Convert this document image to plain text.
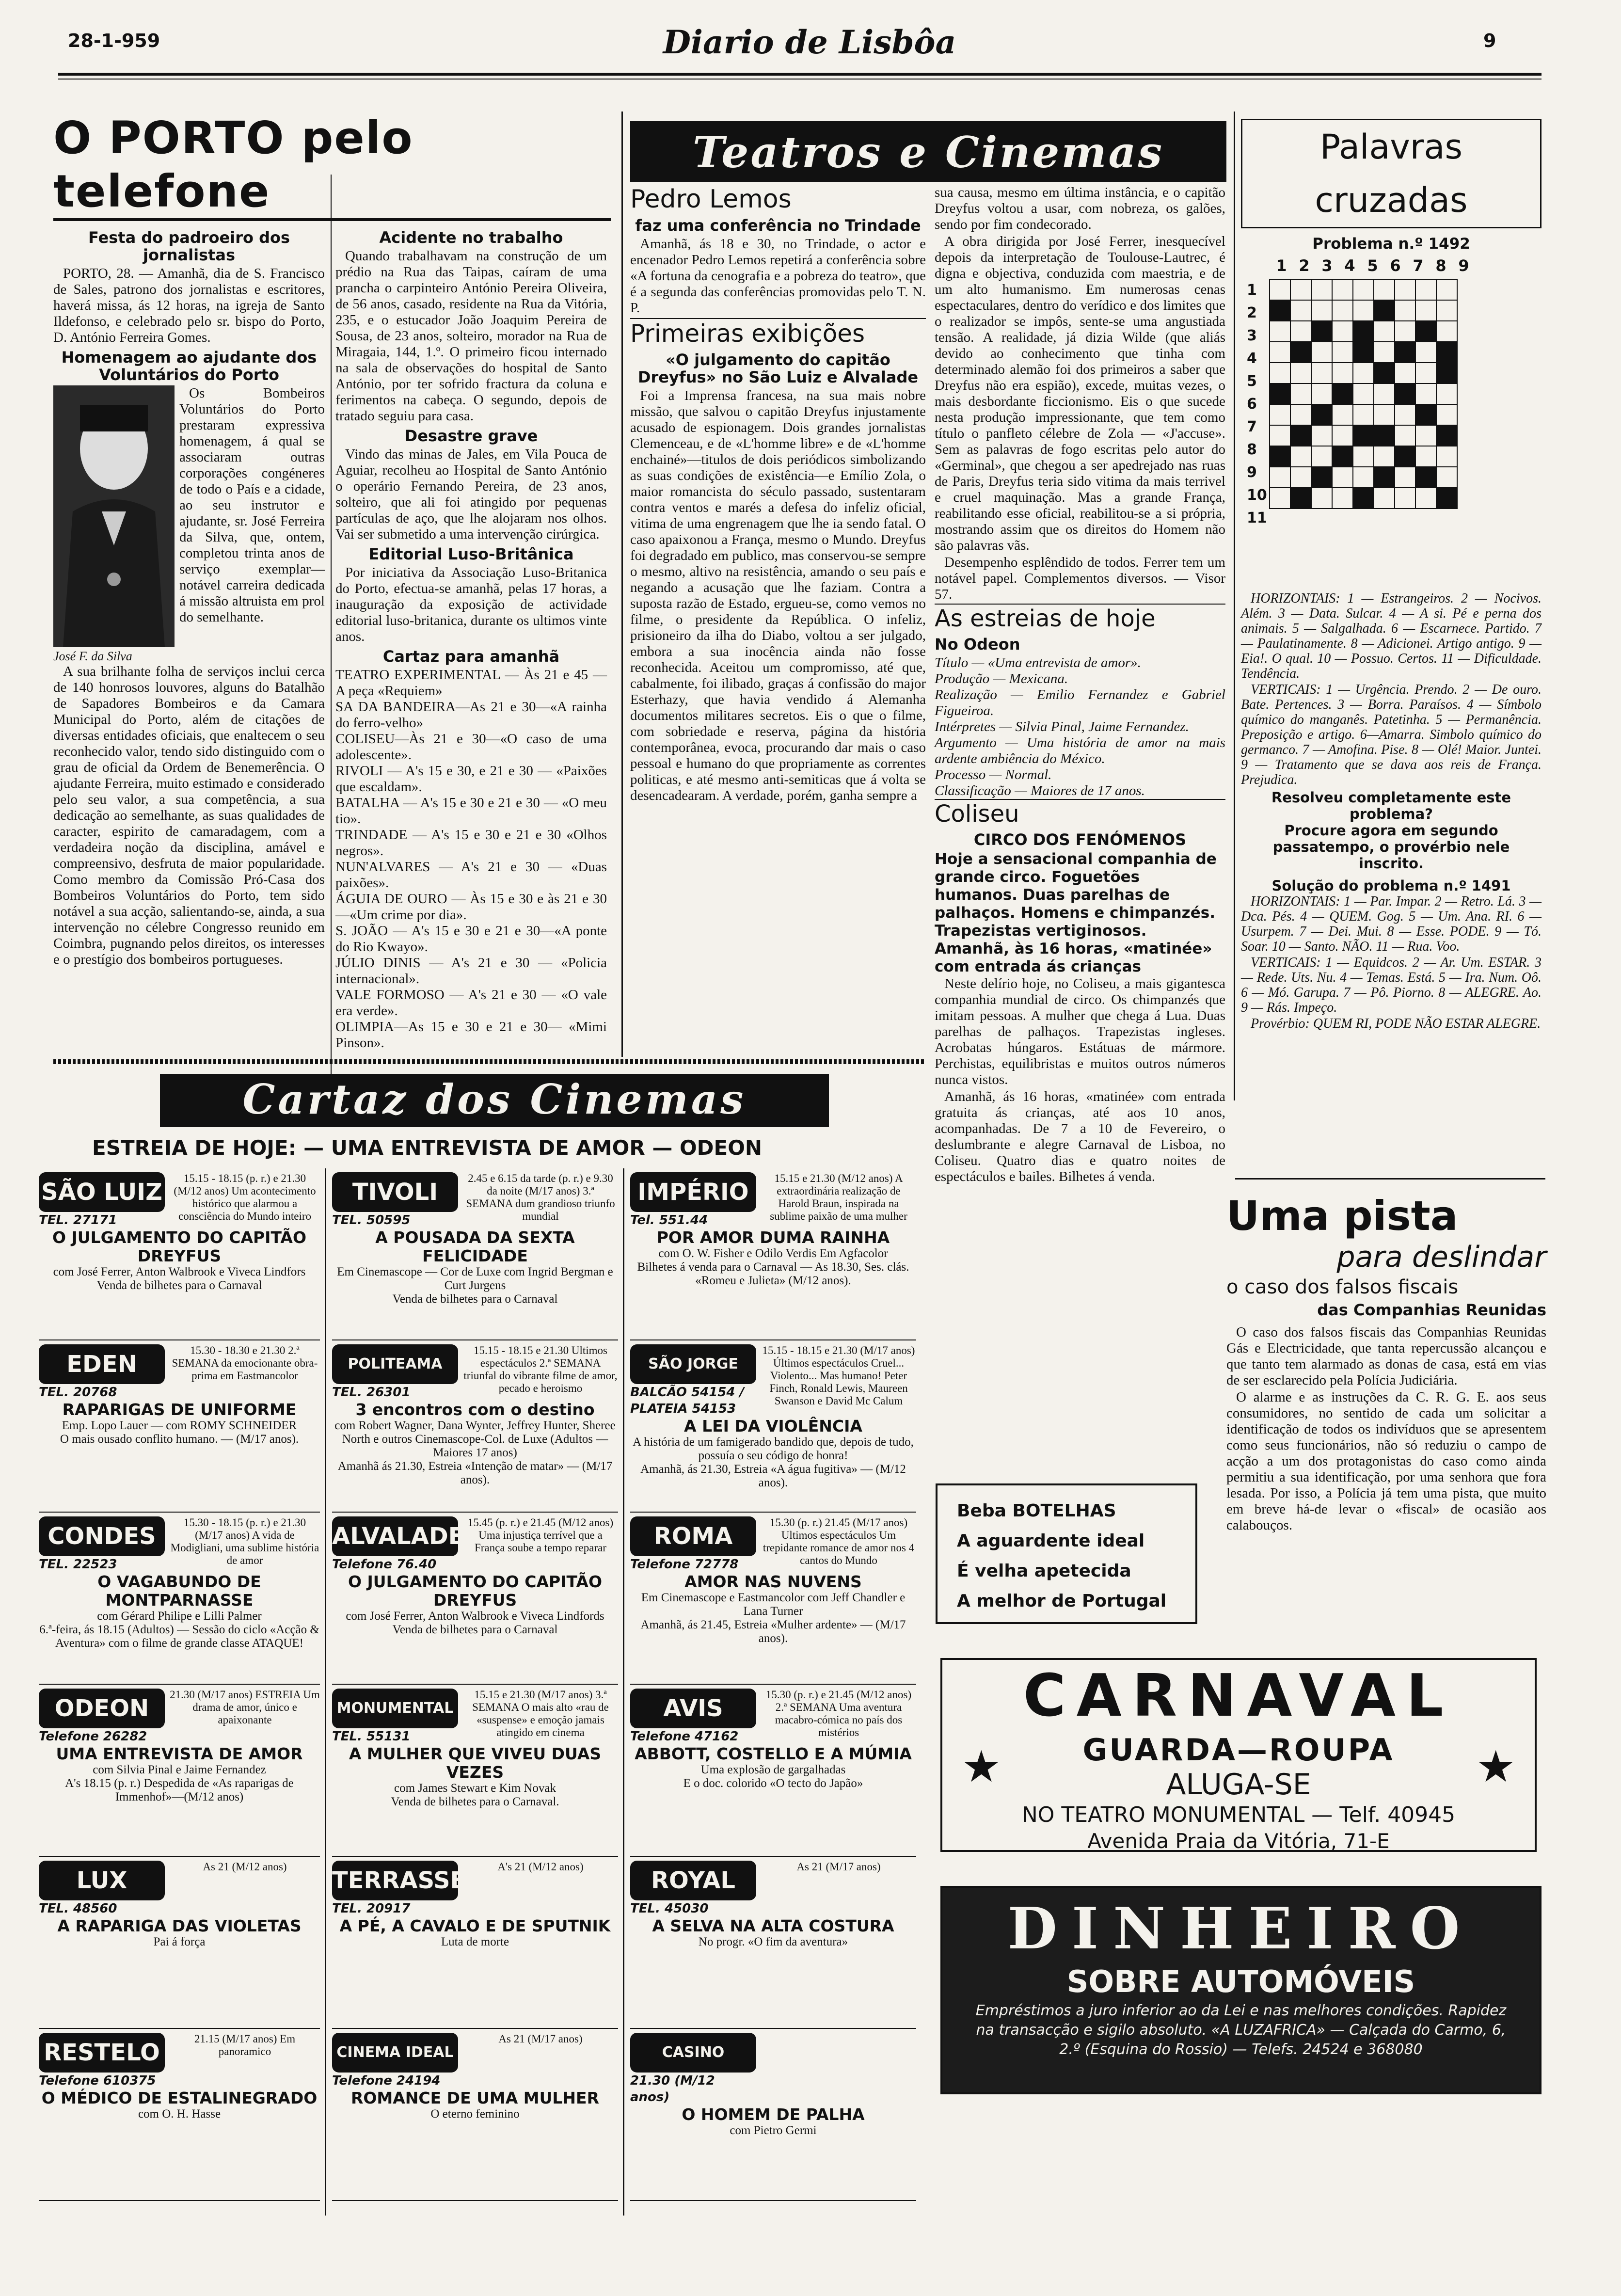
28-1-959	Diario de Lisbôa	9
O PORTO pelo telefone
Festa do padroeiro dos jornalistas

PORTO, 28. — Amanhã, dia de S. Francisco de Sales, patrono dos jornalistas e escritores, haverá missa, ás 12 horas, na igreja de Santo Ildefonso, e celebrado pelo sr. bispo do Porto, D. António Ferreira Gomes.

Homenagem ao ajudante dos Voluntários do Porto
José F. da Silva

Os Bombeiros Voluntários do Porto prestaram expressiva homenagem, á qual se associaram outras corporações congéneres de todo o País e a cidade, ao seu instrutor e ajudante, sr. José Ferreira da Silva, que, ontem, completou trinta anos de serviço exemplar—notável carreira dedicada á missão altruista em prol do semelhante.

A sua brilhante folha de serviços inclui cerca de 140 honrosos louvores, alguns do Batalhão de Sapadores Bombeiros e da Camara Municipal do Porto, além de citações de diversas entidades oficiais, que enaltecem o seu reconhecido valor, tendo sido distinguido com o grau de oficial da Ordem de Benemerência. O ajudante Ferreira, muito estimado e considerado pelo seu valor, a sua competência, a sua dedicação ao semelhante, as suas qualidades de caracter, espirito de camaradagem, com a verdadeira noção da disciplina, amável e compreensivo, desfruta de maior popularidade. Como membro da Comissão Pró-Casa dos Bombeiros Voluntários do Porto, tem sido notável a sua acção, salientando-se, ainda, a sua intervenção no célebre Congresso reunido em Coimbra, pugnando pelos direitos, os interesses e o prestígio dos bombeiros portugueses.

Acidente no trabalho

Quando trabalhavam na construção de um prédio na Rua das Taipas, caíram de uma prancha o carpinteiro António Pereira Oliveira, de 56 anos, casado, residente na Rua da Vitória, 235, e o estucador João Joaquim Pereira de Sousa, de 23 anos, solteiro, morador na Rua de Miragaia, 144, 1.º. O primeiro ficou internado na sala de observações do hospital de Santo António, por ter sofrido fractura da coluna e ferimentos na cabeça. O segundo, depois de tratado seguiu para casa.

Desastre grave

Vindo das minas de Jales, em Vila Pouca de Aguiar, recolheu ao Hospital de Santo António o operário Fernando Pereira, de 23 anos, solteiro, que ali foi atingido por pequenas partículas de aço, que lhe alojaram nos olhos. Vai ser submetido a uma intervenção cirúrgica.

Editorial Luso-Britânica

Por iniciativa da Associação Luso-Britanica do Porto, efectua-se amanhã, pelas 17 horas, a inauguração da exposição de actividade editorial luso-britanica, durante os ultimos vinte anos.

Cartaz para amanhã
TEATRO EXPERIMENTAL — Às 21 e 45 — A peça «Requiem»
SA DA BANDEIRA—As 21 e 30—«A rainha do ferro-velho»
COLISEU—Às 21 e 30—«O caso de uma adolescente».
RIVOLI — A's 15 e 30, e 21 e 30 — «Paixões que escaldam».
BATALHA — A's 15 e 30 e 21 e 30 — «O meu tio».
TRINDADE — A's 15 e 30 e 21 e 30 «Olhos negros».
NUN'ALVARES — A's 21 e 30 — «Duas paixões».
ÁGUIA DE OURO — Às 15 e 30 e às 21 e 30—«Um crime por dia».
S. JOÃO — A's 15 e 30 e 21 e 30—«A ponte do Rio Kwayo».
JÚLIO DINIS — A's 21 e 30 — «Policia internacional».
VALE FORMOSO — A's 21 e 30 — «O vale era verde».
OLIMPIA—As 15 e 30 e 21 e 30— «Mimi Pinson».
Teatros e Cinemas
Pedro Lemos
faz uma conferência no Trindade

Amanhã, ás 18 e 30, no Trindade, o actor e encenador Pedro Lemos repetirá a conferência sobre «A fortuna da cenografia e a pobreza do teatro», que é a segunda das conferências promovidas pelo T. N. P.

Primeiras exibições
«O julgamento do capitão Dreyfus» no São Luiz e Alvalade

Foi a Imprensa francesa, na sua mais nobre missão, que salvou o capitão Dreyfus injustamente acusado de espionagem. Dois grandes jornalistas Clemenceau, e de «L'homme libre» e de «L'homme enchainé»—titulos de dois periódicos simbolizando as suas condições de existência—e Emílio Zola, o maior romancista do século passado, sustentaram contra ventos e marés a defesa do infeliz oficial, vitima de uma engrenagem que lhe ia sendo fatal. O caso apaixonou a França, mesmo o Mundo. Dreyfus foi degradado em publico, mas conservou-se sempre o mesmo, altivo na resistência, amando o seu país e negando a acusação que lhe faziam. Contra a suposta razão de Estado, ergueu-se, como vemos no filme, o presidente da República. O infeliz, prisioneiro da ilha do Diabo, voltou a ser julgado, embora a sua inocência ainda não fosse reconhecida. Aceitou um compromisso, até que, cabalmente, foi ilibado, graças á confissão do major Esterhazy, que havia vendido á Alemanha documentos militares secretos. Eis o que o filme, com sobriedade e reserva, página da história contemporânea, evoca, procurando dar mais o caso pessoal e humano do que propriamente as correntes politicas, e até mesmo anti-semiticas que á volta se desencadearam. A verdade, porém, ganha sempre a

sua causa, mesmo em última instância, e o capitão Dreyfus voltou a usar, com nobreza, os galões, sendo por fim condecorado.

A obra dirigida por José Ferrer, inesquecível depois da interpretação de Toulouse-Lautrec, é digna e objectiva, conduzida com maestria, e de um alto humanismo. Em numerosas cenas espectaculares, dentro do verídico e dos limites que o realizador se impôs, sente-se uma angustiada tensão. A realidade, já dizia Wilde (que aliás devido ao conhecimento que tinha com determinado alemão foi dos primeiros a saber que Dreyfus não era espião), excede, muitas vezes, o mais desbordante ficcionismo. Eis o que sucede nesta produção impressionante, que tem como título o panfleto célebre de Zola — «J'accuse». Sem as palavras de fogo escritas pelo autor do «Germinal», que chegou a ser apedrejado nas ruas de Paris, Dreyfus teria sido vitima da mais terrivel e cruel maquinação. Mas a grande França, reabilitando esse oficial, reabilitou-se a si própria, mostrando assim que os direitos do Homem não são palavras vãs.

Desempenho esplêndido de todos. Ferrer tem um notável papel. Complementos diversos. — Visor 57.

As estreias de hoje
No Odeon
Título — «Uma entrevista de amor».
Produção — Mexicana.
Realização — Emilio Fernandez e Gabriel Figueiroa.
Intérpretes — Silvia Pinal, Jaime Fernandez.
Argumento — Uma história de amor na mais ardente ambiência do México.
Processo — Normal.
Classificação — Maiores de 17 anos.
Coliseu
CIRCO DOS FENÓMENOS
Hoje a sensacional companhia de grande circo. Foguetões humanos. Duas parelhas de palhaços. Homens e chimpanzés. Trapezistas vertiginosos. Amanhã, às 16 horas, «matinée» com entrada ás crianças

Neste delírio hoje, no Coliseu, a mais gigantesca companhia mundial de circo. Os chimpanzés que imitam pessoas. A mulher que chega á Lua. Duas parelhas de palhaços. Trapezistas ingleses. Acrobatas húngaros. Estátuas de mármore. Perchistas, equilibristas e muitos outros números nunca vistos.

Amanhã, ás 16 horas, «matinée» com entrada gratuita ás crianças, até aos 10 anos, acompanhadas. De 7 a 10 de Fevereiro, o deslumbrante e alegre Carnaval de Lisboa, no Coliseu. Quatro dias e quatro noites de espectáculos e bailes. Bilhetes á venda.

Palavras cruzadas
Problema n.º 1492
1 2 3 4 5 6 7 8 9
1
2
3
4
5
6
7
8
9
10
11

HORIZONTAIS: 1 — Estrangeiros. 2 — Nocivos. Além. 3 — Data. Sulcar. 4 — A si. Pé e perna dos animais. 5 — Salgalhada. 6 — Escarnece. Partido. 7 — Paulatinamente. 8 — Adicionei. Artigo antigo. 9 — Eia!. O qual. 10 — Possuo. Certos. 11 — Dificuldade. Tendência.

VERTICAIS: 1 — Urgência. Prendo. 2 — De ouro. Bate. Pertences. 3 — Borra. Paraísos. 4 — Símbolo químico do manganês. Patetinha. 5 — Permanência. Preposição e artigo. 6—Amarra. Simbolo químico do germanco. 7 — Amofina. Pise. 8 — Olé! Maior. Juntei. 9 — Tratamento que se dava aos reis de França. Prejudica.

Resolveu completamente este problema?
Procure agora em segundo passatempo, o provérbio nele inscrito.
Solução do problema n.º 1491

HORIZONTAIS: 1 — Par. Impar. 2 — Retro. Lá. 3 — Dca. Pés. 4 — QUEM. Gog. 5 — Um. Ana. RI. 6 — Usurpem. 7 — Dei. Mui. 8 — Esse. PODE. 9 — Tó. Soar. 10 — Santo. NÃO. 11 — Rua. Voo.

VERTICAIS: 1 — Equidcos. 2 — Ar. Um. ESTAR. 3 — Rede. Uts. Nu. 4 — Temas. Está. 5 — Ira. Num. Oô. 6 — Mó. Garupa. 7 — Pô. Piorno. 8 — ALEGRE. Ao. 9 — Rás. Impeço.

Provérbio: QUEM RI, PODE NÃO ESTAR ALEGRE.

Uma pista
para deslindar
o caso dos falsos fiscais
das Companhias Reunidas

O caso dos falsos fiscais das Companhias Reunidas Gás e Electricidade, que tanta repercussão alcançou e que tanto tem alarmado as donas de casa, está em vias de ser esclarecido pela Polícia Judiciária.

O alarme e as instruções da C. R. G. E. aos seus consumidores, no sentido de cada um solicitar a identificação de todos os indivíduos que se apresentem como seus funcionários, não só reduziu o campo de acção a um dos protagonistas do caso como ainda permitiu a sua identificação, por uma senhora que fora lesada. Por isso, a Polícia já tem uma pista, que muito em breve há-de levar o «fiscal» de ocasião aos calabouços.

Beba BOTELHAS
A aguardente ideal
É velha apetecida
A melhor de Portugal
CARNAVAL
★	GUARDA—ROUPA
ALUGA-SE	★
NO TEATRO MONUMENTAL — Telf. 40945
Avenida Praia da Vitória, 71-E
DINHEIRO
SOBRE AUTOMÓVEIS
Empréstimos a juro inferior ao da Lei e nas melhores condições. Rapidez na transacção e sigilo absoluto. «A LUZAFRICA» — Calçada do Carmo, 6, 2.º (Esquina do Rossio) — Telefs. 24524 e 368080
Cartaz dos Cinemas
ESTREIA DE HOJE: — UMA ENTREVISTA DE AMOR — ODEON
SÃO LUIZ
TEL. 27171
15.15 - 18.15 (p. r.) e 21.30 (M/12 anos) Um acontecimento histórico que alarmou a consciência do Mundo inteiro
O JULGAMENTO DO CAPITÃO DREYFUS
com José Ferrer, Anton Walbrook e Viveca Lindfors
Venda de bilhetes para o Carnaval
EDEN
TEL. 20768
15.30 - 18.30 e 21.30 2.ª SEMANA da emocionante obra-prima em Eastmancolor
RAPARIGAS DE UNIFORME
Emp. Lopo Lauer — com ROMY SCHNEIDER
O mais ousado conflito humano. — (M/17 anos).
CONDES
TEL. 22523
15.30 - 18.15 (p. r.) e 21.30 (M/17 anos) A vida de Modigliani, uma sublime história de amor
O VAGABUNDO DE MONTPARNASSE
com Gérard Philipe e Lilli Palmer
6.ª-feira, ás 18.15 (Adultos) — Sessão do ciclo «Acção & Aventura» com o filme de grande classe ATAQUE!
ODEON
Telefone 26282
21.30 (M/17 anos) ESTREIA Um drama de amor, único e apaixonante
UMA ENTREVISTA DE AMOR
com Silvia Pinal e Jaime Fernandez
A's 18.15 (p. r.) Despedida de «As raparigas de Immenhof»—(M/12 anos)
LUX
TEL. 48560
As 21 (M/12 anos)
A RAPARIGA DAS VIOLETAS
Pai á força
RESTELO
Telefone 610375
21.15 (M/17 anos) Em panoramico
O MÉDICO DE ESTALINEGRADO
com O. H. Hasse
TIVOLI
TEL. 50595
2.45 e 6.15 da tarde (p. r.) e 9.30 da noite (M/17 anos) 3.ª SEMANA dum grandioso triunfo mundial
A POUSADA DA SEXTA FELICIDADE
Em Cinemascope — Cor de Luxe com Ingrid Bergman e Curt Jurgens
Venda de bilhetes para o Carnaval
POLITEAMA
TEL. 26301
15.15 - 18.15 e 21.30 Ultimos espectáculos 2.ª SEMANA triunfal do vibrante filme de amor, pecado e heroismo
3 encontros com o destino
com Robert Wagner, Dana Wynter, Jeffrey Hunter, Sheree North e outros Cinemascope-Col. de Luxe (Adultos — Maiores 17 anos)
Amanhã ás 21.30, Estreia «Intenção de matar» — (M/17 anos).
ALVALADE
Telefone 76.40
15.45 (p. r.) e 21.45 (M/12 anos) Uma injustiça terrível que a França soube a tempo reparar
O JULGAMENTO DO CAPITÃO DREYFUS
com José Ferrer, Anton Walbrook e Viveca Lindfords
Venda de bilhetes para o Carnaval
MONUMENTAL
TEL. 55131
15.15 e 21.30 (M/17 anos) 3.ª SEMANA O mais alto «rau de «suspense» e emoção jamais atingido em cinema
A MULHER QUE VIVEU DUAS VEZES
com James Stewart e Kim Novak
Venda de bilhetes para o Carnaval.
TERRASSE
TEL. 20917
A's 21 (M/12 anos)
A PÉ, A CAVALO E DE SPUTNIK
Luta de morte
CINEMA IDEAL
Telefone 24194
As 21 (M/17 anos)
ROMANCE DE UMA MULHER
O eterno feminino
IMPÉRIO
Tel. 551.44
15.15 e 21.30 (M/12 anos) A extraordinária realização de Harold Braun, inspirada na sublime paixão de uma mulher
POR AMOR DUMA RAINHA
com O. W. Fisher e Odilo Verdis Em Agfacolor
Bilhetes á venda para o Carnaval — As 18.30, Ses. clás. «Romeu e Julieta» (M/12 anos).
SÃO JORGE
BALCÃO 54154 / PLATEIA 54153
15.15 - 18.15 e 21.30 (M/17 anos) Últimos espectáculos Cruel... Violento... Mas humano! Peter Finch, Ronald Lewis, Maureen Swanson e David Mc Calum
A LEI DA VIOLÊNCIA
A história de um famigerado bandido que, depois de tudo, possuía o seu código de honra!
Amanhã, ás 21.30, Estreia «A água fugitiva» — (M/12 anos).
ROMA
Telefone 72778
15.30 (p. r.) 21.45 (M/17 anos) Ultimos espectáculos Um trepidante romance de amor nos 4 cantos do Mundo
AMOR NAS NUVENS
Em Cinemascope e Eastmancolor com Jeff Chandler e Lana Turner
Amanhã, ás 21.45, Estreia «Mulher ardente» — (M/17 anos).
AVIS
Telefone 47162
15.30 (p. r.) e 21.45 (M/12 anos) 2.ª SEMANA Uma aventura macabro-cómica no país dos mistérios
ABBOTT, COSTELLO E A MÚMIA
Uma explosão de gargalhadas
E o doc. colorido «O tecto do Japão»
ROYAL
TEL. 45030
As 21 (M/17 anos)
A SELVA NA ALTA COSTURA
No progr. «O fim da aventura»
CASINO ESTORIL
21.30 (M/12 anos)
O HOMEM DE PALHA
com Pietro Germi
